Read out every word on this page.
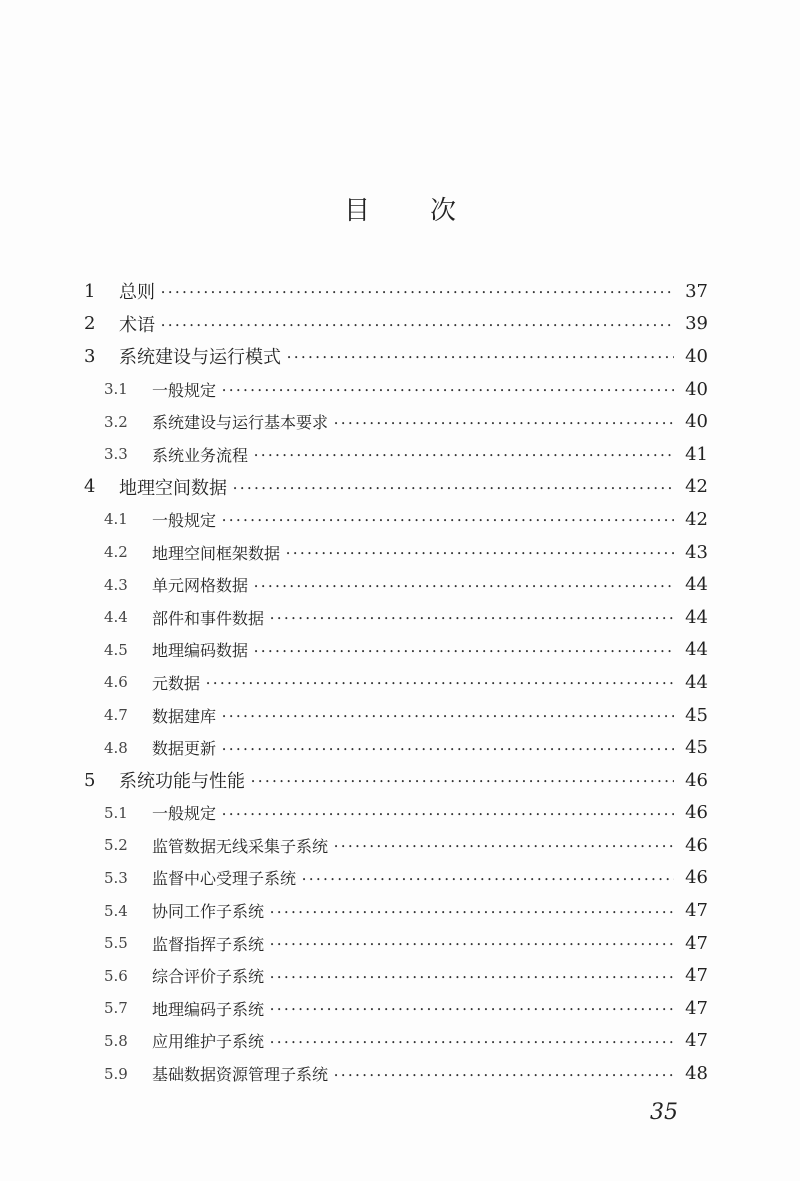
目 次
1	总则 •••••	37
2	术语 •••••	39
3	系统建设与运行模式 •••••	40
3.1	一般规定 •••••	40
3.2	系统建设与运行基本要求 •••••	40
3.3	系统业务流程 •••••	41
4	地理空间数据 •••••	42
4.1	一般规定 •••••	42
4.2	地理空间框架数据 •••••	43
4.3	单元网格数据 •••••	44
4.4	部件和事件数据 •••••	44
4.5	地理编码数据 •••••	44
4.6	元数据 •••••	44
4.7	数据建库 •••••	45
4.8	数据更新 •••••	45
5	系统功能与性能 •••••	46
5.1	一般规定 •••••	46
5.2	监管数据无线采集子系统 •••••	46
5.3	监督中心受理子系统 •••••	46
5.4	协同工作子系统 •••••	47
5.5	监督指挥子系统 •••••	47
5.6	综合评价子系统 •••••	47
5.7	地理编码子系统 •••••	47
5.8	应用维护子系统 •••••	47
5.9	基础数据资源管理子系统 •••••	48
35
